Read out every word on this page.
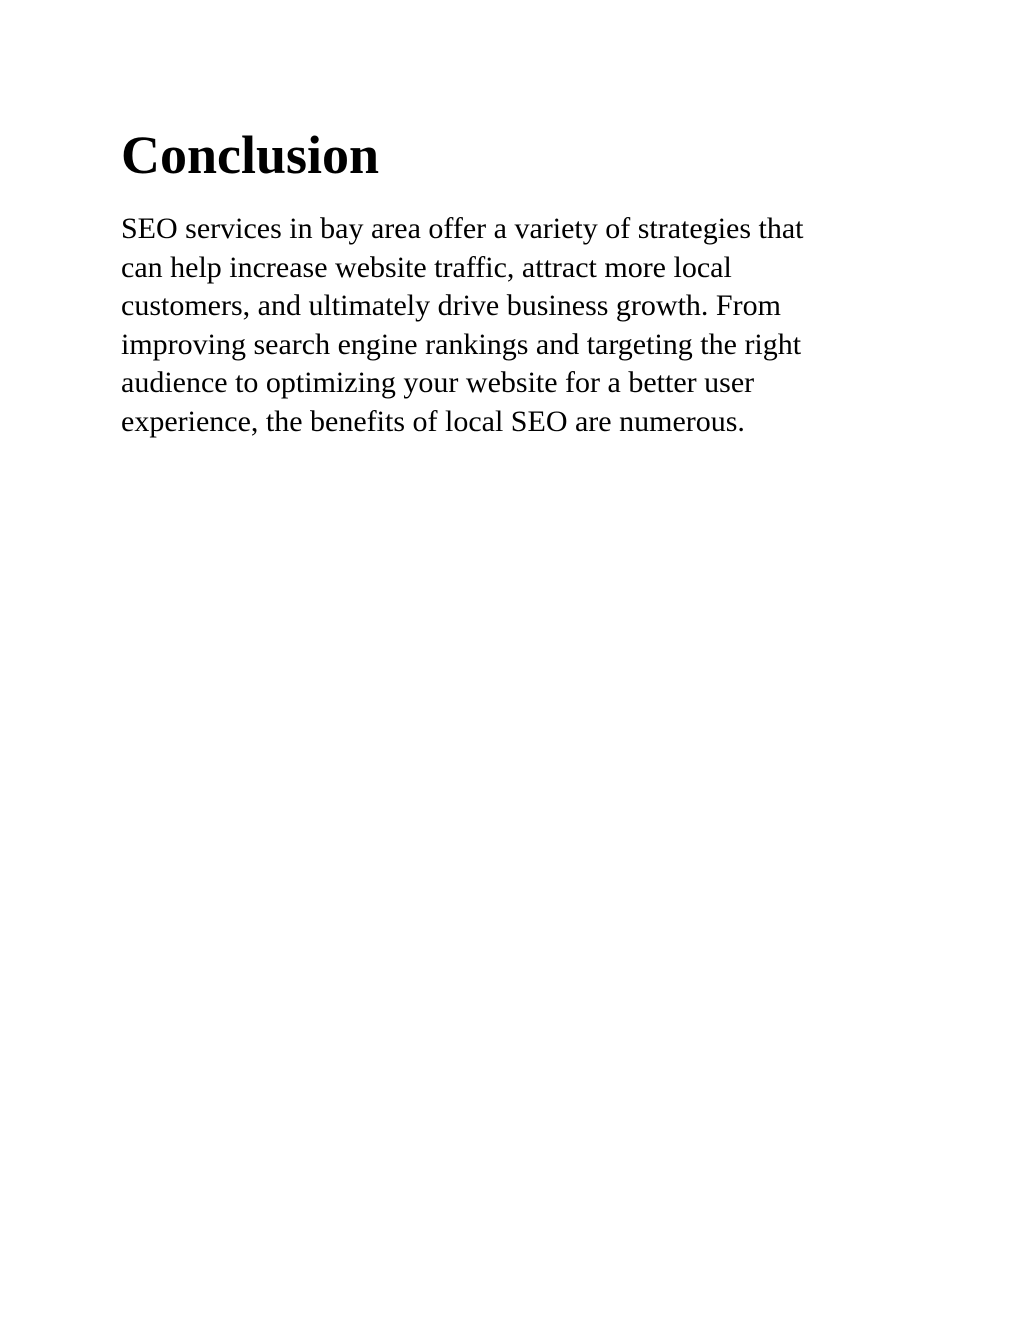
Conclusion

SEO services in bay area offer a variety of strategies that
can help increase website traffic, attract more local
customers, and ultimately drive business growth. From
improving search engine rankings and targeting the right
audience to optimizing your website for a better user
experience, the benefits of local SEO are numerous.
